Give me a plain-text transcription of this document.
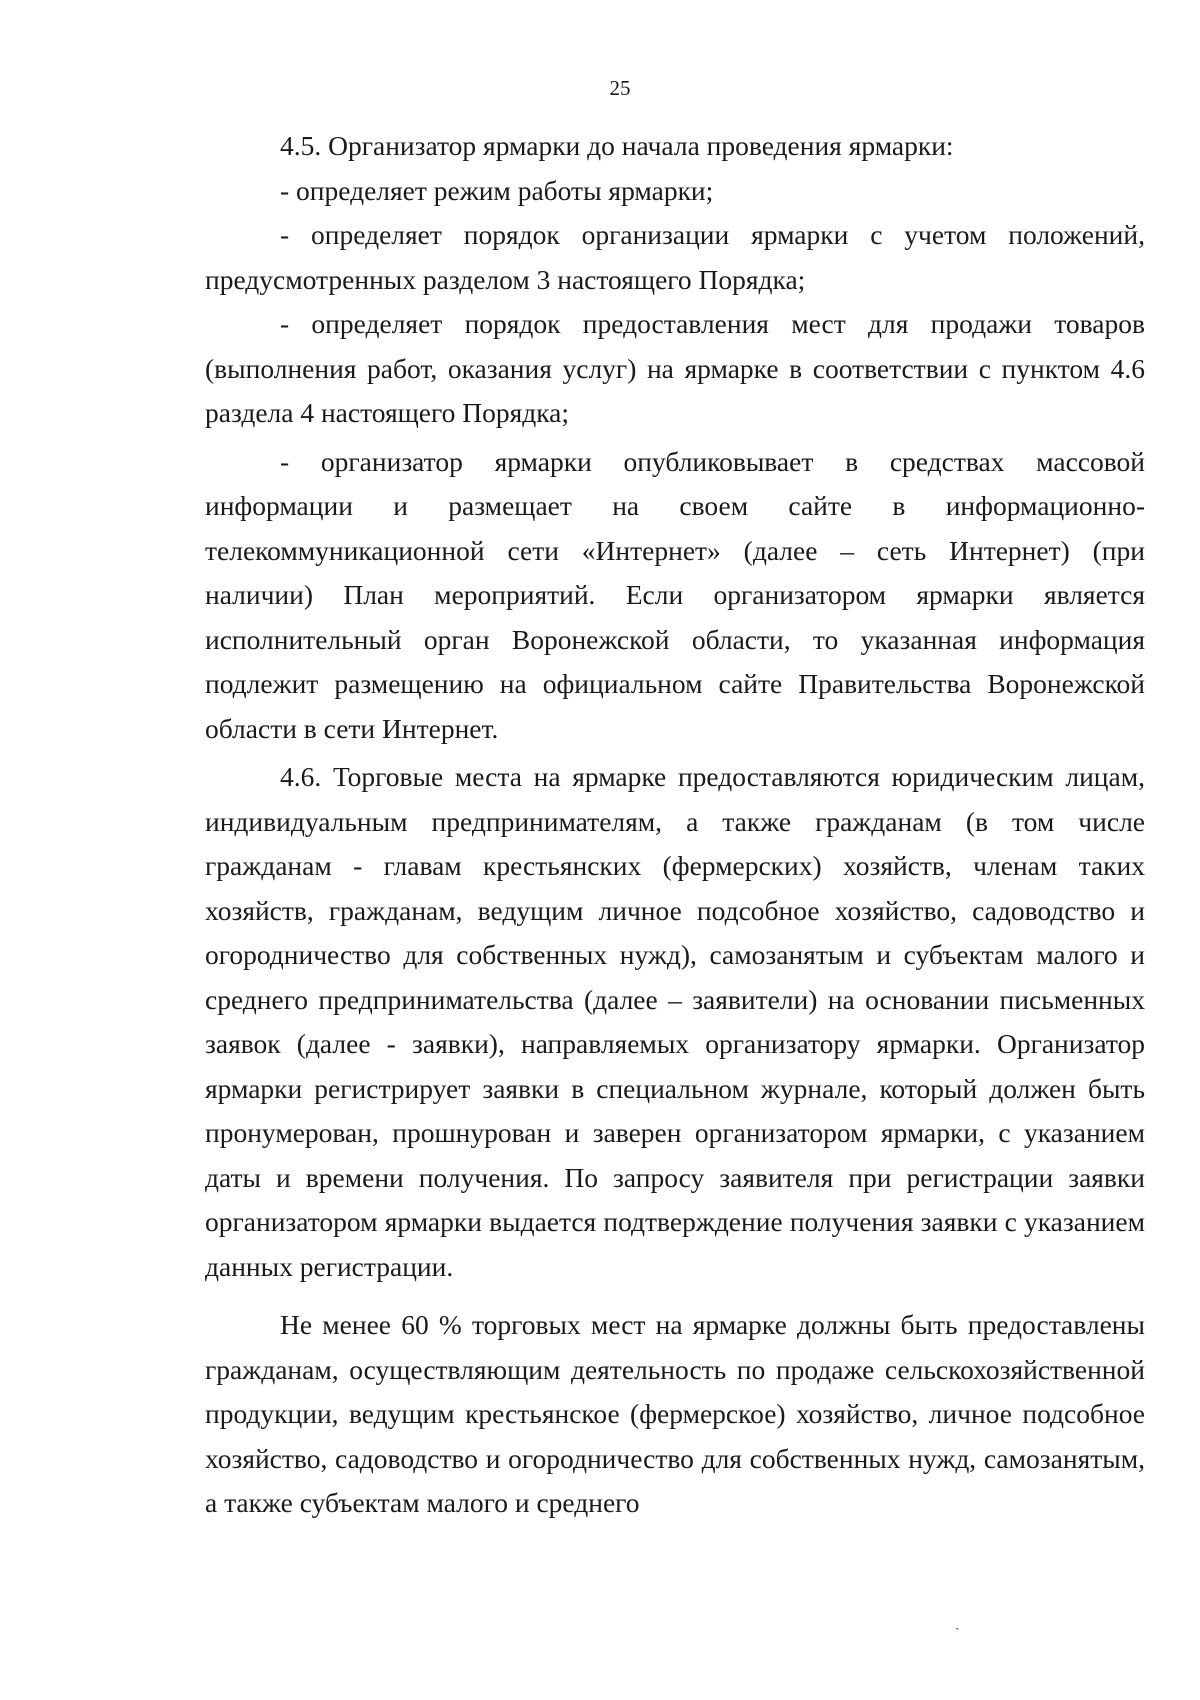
25

4.5. Организатор ярмарки до начала проведения ярмарки:

- определяет режим работы ярмарки;

- определяет порядок организации ярмарки с учетом положений, предусмотренных разделом 3 настоящего Порядка;

- определяет порядок предоставления мест для продажи товаров (выполнения работ, оказания услуг) на ярмарке в соответствии с пунктом 4.6 раздела 4 настоящего Порядка;

- организатор ярмарки опубликовывает в средствах массовой информации и размещает на своем сайте в информационно-телекоммуникационной сети «Интернет» (далее – сеть Интернет) (при наличии) План мероприятий. Если организатором ярмарки является исполнительный орган Воронежской области, то указанная информация подлежит размещению на официальном сайте Правительства Воронежской области в сети Интернет.

4.6. Торговые места на ярмарке предоставляются юридическим лицам, индивидуальным предпринимателям, а также гражданам (в том числе гражданам - главам крестьянских (фермерских) хозяйств, членам таких хозяйств, гражданам, ведущим личное подсобное хозяйство, садоводство и огородничество для собственных нужд), самозанятым и субъектам малого и среднего предпринимательства (далее – заявители) на основании письменных заявок (далее - заявки), направляемых организатору ярмарки. Организатор ярмарки регистрирует заявки в специальном журнале, который должен быть пронумерован, прошнурован и заверен организатором ярмарки, с указанием даты и времени получения. По запросу заявителя при регистрации заявки организатором ярмарки выдается подтверждение получения заявки с указанием данных регистрации.

Не менее 60 % торговых мест на ярмарке должны быть предоставлены гражданам, осуществляющим деятельность по продаже сельскохозяйственной продукции, ведущим крестьянское (фермерское) хозяйство, личное подсобное хозяйство, садоводство и огородничество для собственных нужд, самозанятым, а также субъектам малого и среднего

ˎ
